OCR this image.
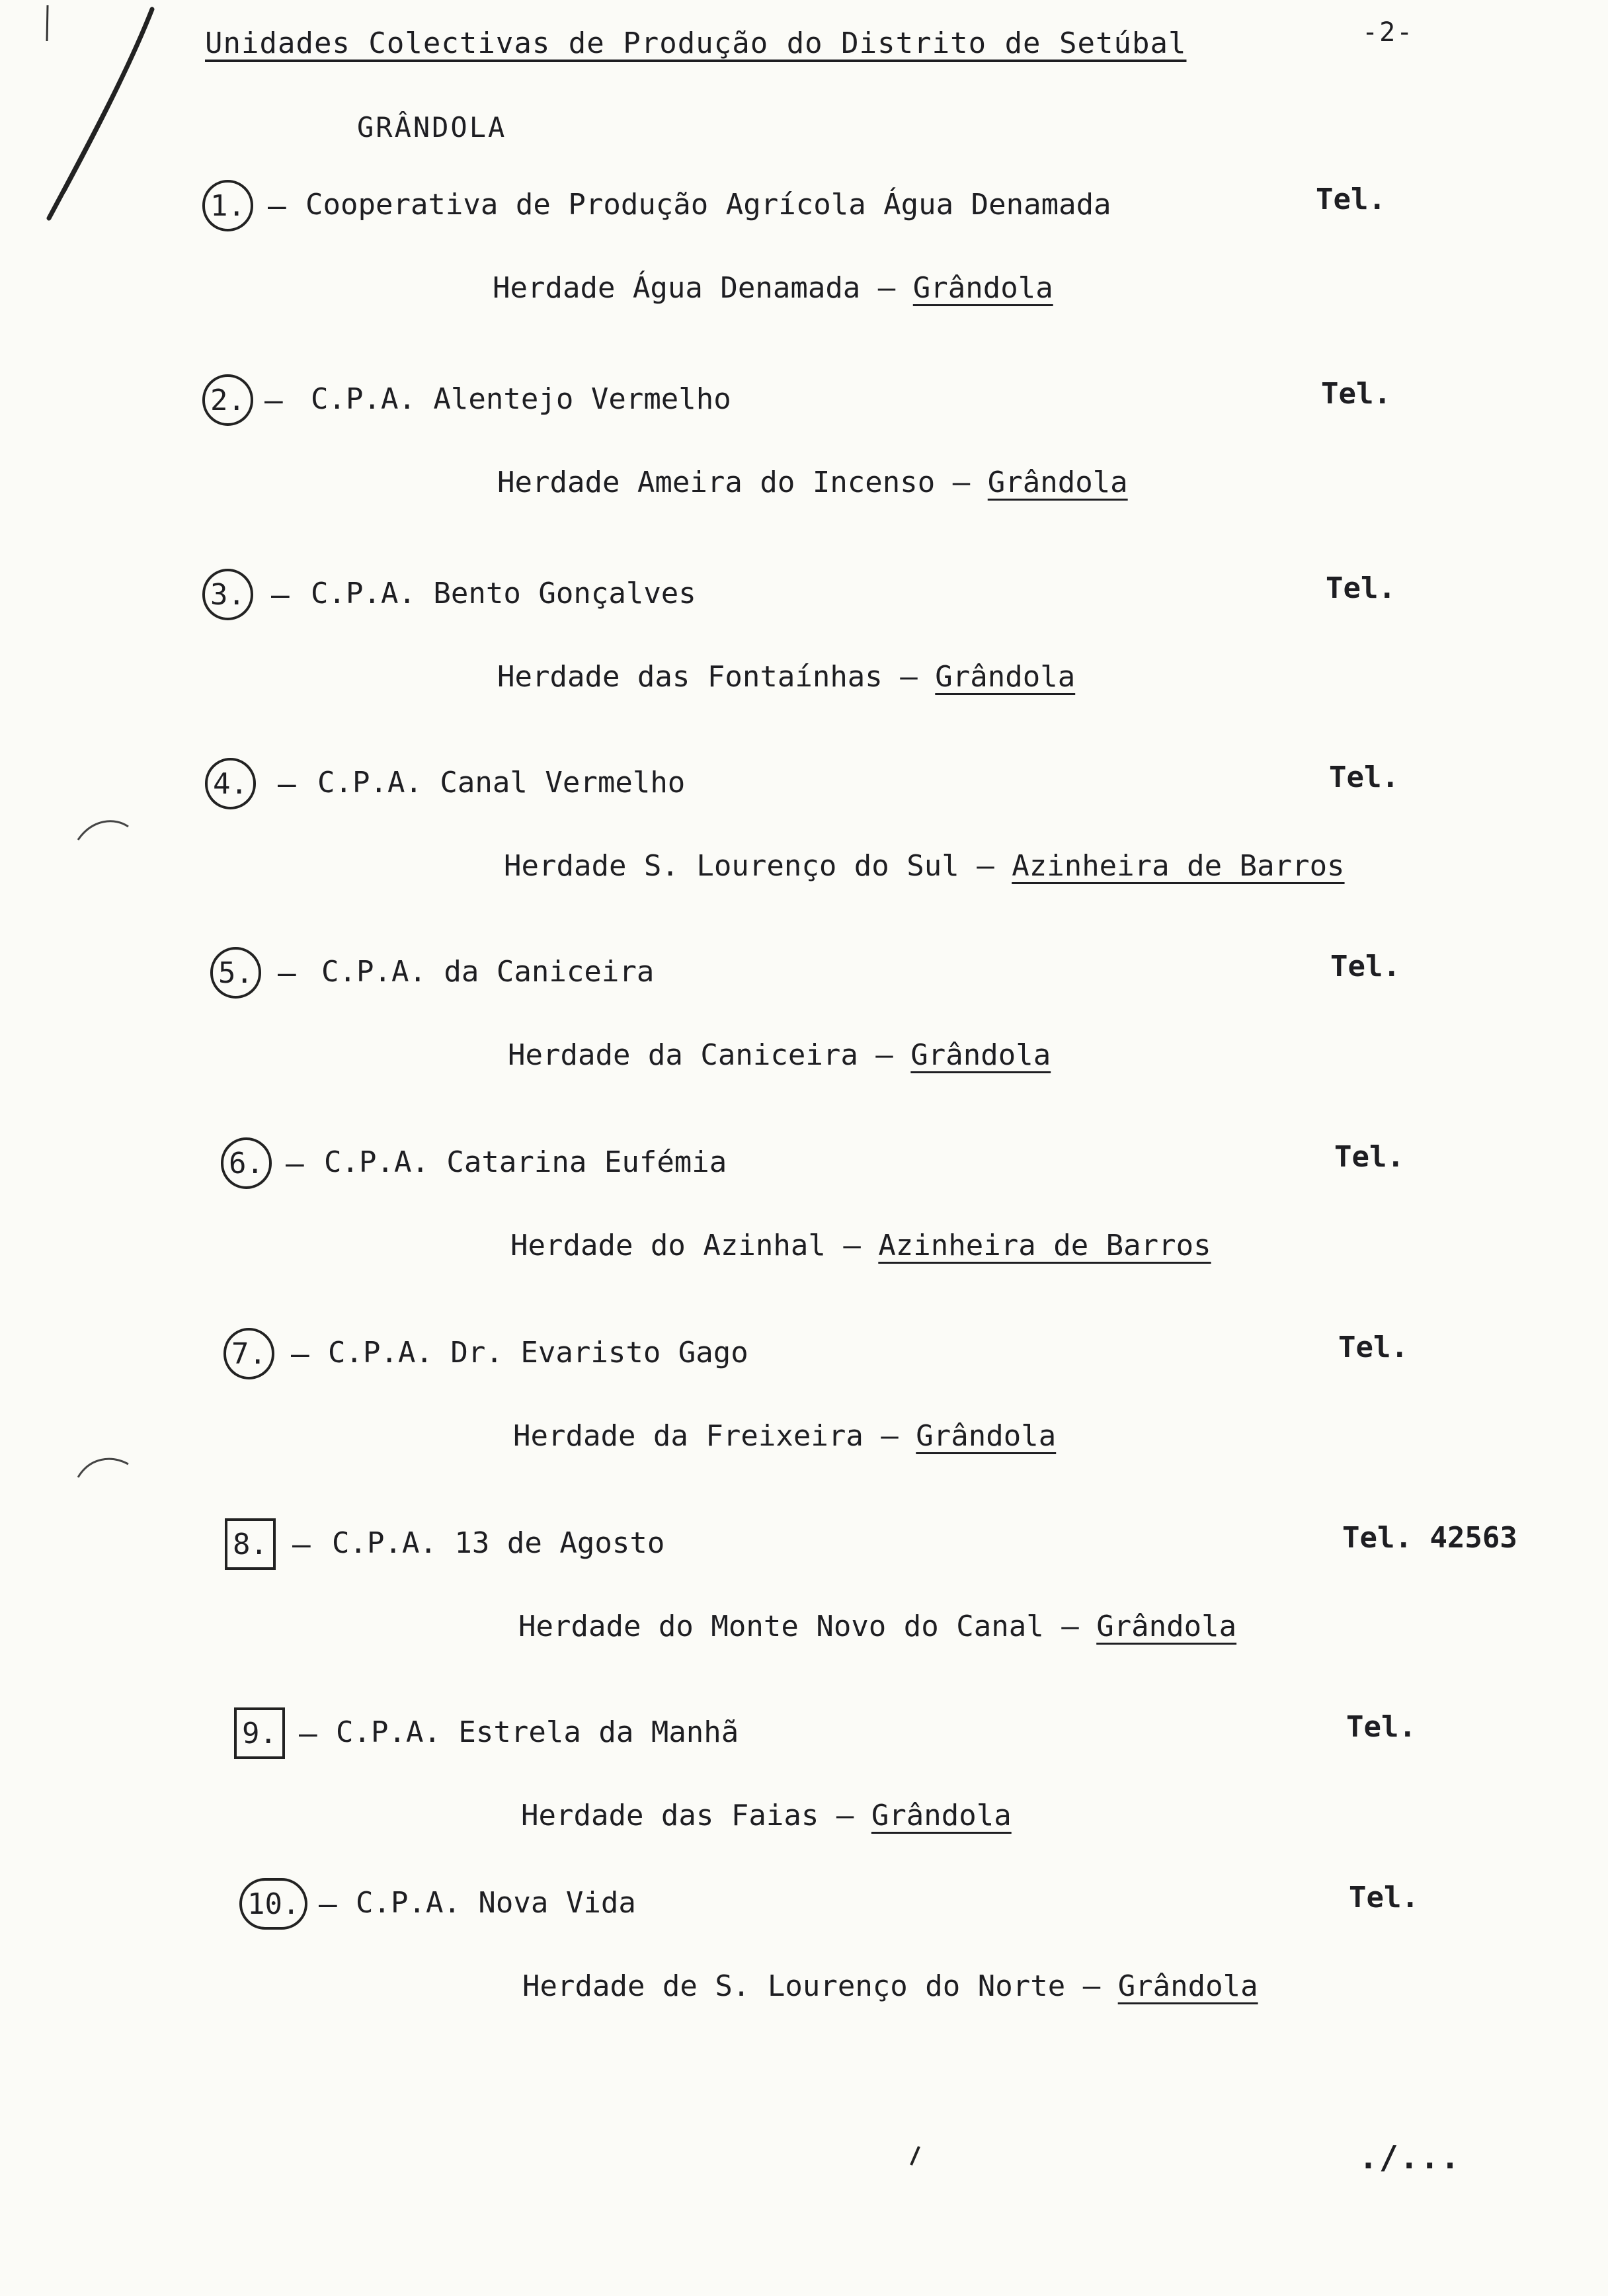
-2-
Unidades Colectivas de Produção do Distrito de Setúbal
GRÂNDOLA
1. – Cooperativa de Produção Agrícola Água Denamada	Tel.
Herdade Água Denamada – Grândola
2. – C.P.A. Alentejo Vermelho	Tel.
Herdade Ameira do Incenso – Grândola
3. – C.P.A. Bento Gonçalves	Tel.
Herdade das Fontaínhas – Grândola
4. – C.P.A. Canal Vermelho	Tel.
Herdade S. Lourenço do Sul – Azinheira de Barros
5. – C.P.A. da Caniceira	Tel.
Herdade da Caniceira – Grândola
6. – C.P.A. Catarina Eufémia	Tel.
Herdade do Azinhal – Azinheira de Barros
7. – C.P.A. Dr. Evaristo Gago	Tel.
Herdade da Freixeira – Grândola
8. – C.P.A. 13 de Agosto	Tel. 42563
Herdade do Monte Novo do Canal – Grândola
9. – C.P.A. Estrela da Manhã	Tel.
Herdade das Faias – Grândola
10. – C.P.A. Nova Vida	Tel.
Herdade de S. Lourenço do Norte – Grândola
./...
